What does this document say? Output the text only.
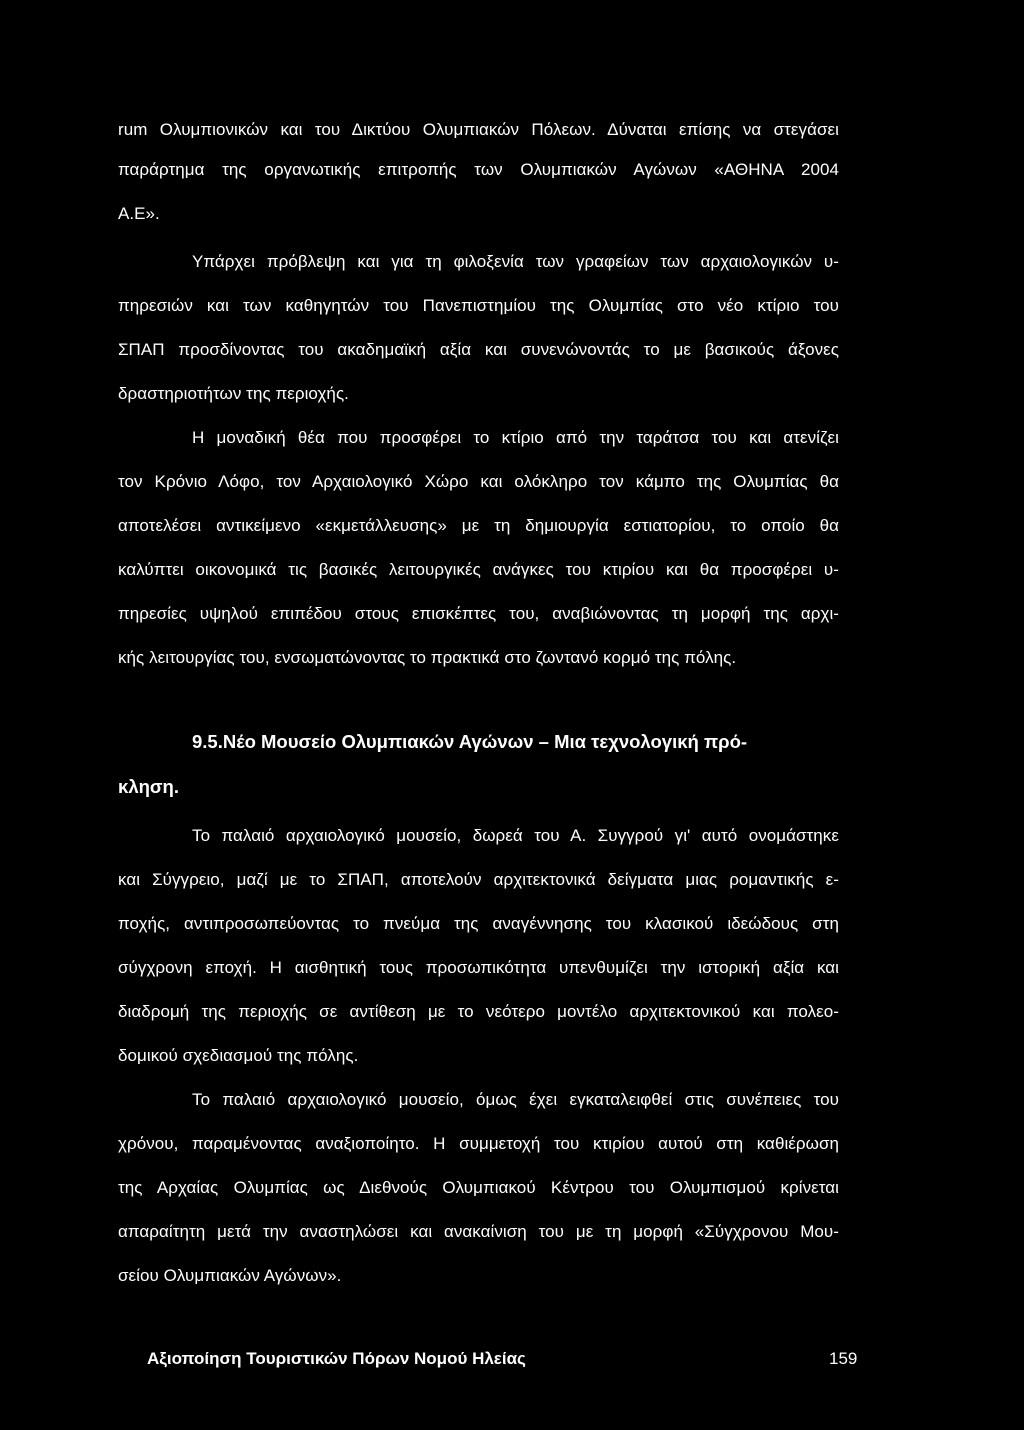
rum Ολυμπιονικών και του Δικτύου Ολυμπιακών Πόλεων. Δύναται επίσης να στεγάσει
παράρτημα της οργανωτικής επιτροπής των Ολυμπιακών Αγώνων «ΑΘΗΝΑ 2004
Α.Ε».
Υπάρχει πρόβλεψη και για τη φιλοξενία των γραφείων των αρχαιολογικών υ-
πηρεσιών και των καθηγητών του Πανεπιστημίου της Ολυμπίας στο νέο κτίριο του
ΣΠΑΠ προσδίνοντας του ακαδημαϊκή αξία και συνενώνοντάς το με βασικούς άξονες
δραστηριοτήτων της περιοχής.
Η μοναδική θέα που προσφέρει το κτίριο από την ταράτσα του και ατενίζει
τον Κρόνιο Λόφο, τον Αρχαιολογικό Χώρο και ολόκληρο τον κάμπο της Ολυμπίας θα
αποτελέσει αντικείμενο «εκμετάλλευσης» με τη δημιουργία εστιατορίου, το οποίο θα
καλύπτει οικονομικά τις βασικές λειτουργικές ανάγκες του κτιρίου και θα προσφέρει υ-
πηρεσίες υψηλού επιπέδου στους επισκέπτες του, αναβιώνοντας τη μορφή της αρχι-
κής λειτουργίας του, ενσωματώνοντας το πρακτικά στο ζωντανό κορμό της πόλης.
9.5.Νέο Μουσείο Ολυμπιακών Αγώνων – Μια τεχνολογική πρό-
κληση.
Το παλαιό αρχαιολογικό μουσείο, δωρεά του Α. Συγγρού γι' αυτό ονομάστηκε
και Σύγγρειο, μαζί με το ΣΠΑΠ, αποτελούν αρχιτεκτονικά δείγματα μιας ρομαντικής ε-
ποχής, αντιπροσωπεύοντας το πνεύμα της αναγέννησης του κλασικού ιδεώδους στη
σύγχρονη εποχή. Η αισθητική τους προσωπικότητα υπενθυμίζει την ιστορική αξία και
διαδρομή της περιοχής σε αντίθεση με το νεότερο μοντέλο αρχιτεκτονικού και πολεο-
δομικού σχεδιασμού της πόλης.
Το παλαιό αρχαιολογικό μουσείο, όμως έχει εγκαταλειφθεί στις συνέπειες του
χρόνου, παραμένοντας αναξιοποίητο. Η συμμετοχή του κτιρίου αυτού στη καθιέρωση
της Αρχαίας Ολυμπίας ως Διεθνούς Ολυμπιακού Κέντρου του Ολυμπισμού κρίνεται
απαραίτητη μετά την αναστηλώσει και ανακαίνιση του με τη μορφή «Σύγχρονου Μου-
σείου Ολυμπιακών Αγώνων».
Αξιοποίηση Τουριστικών Πόρων Νομού Ηλείας	159
